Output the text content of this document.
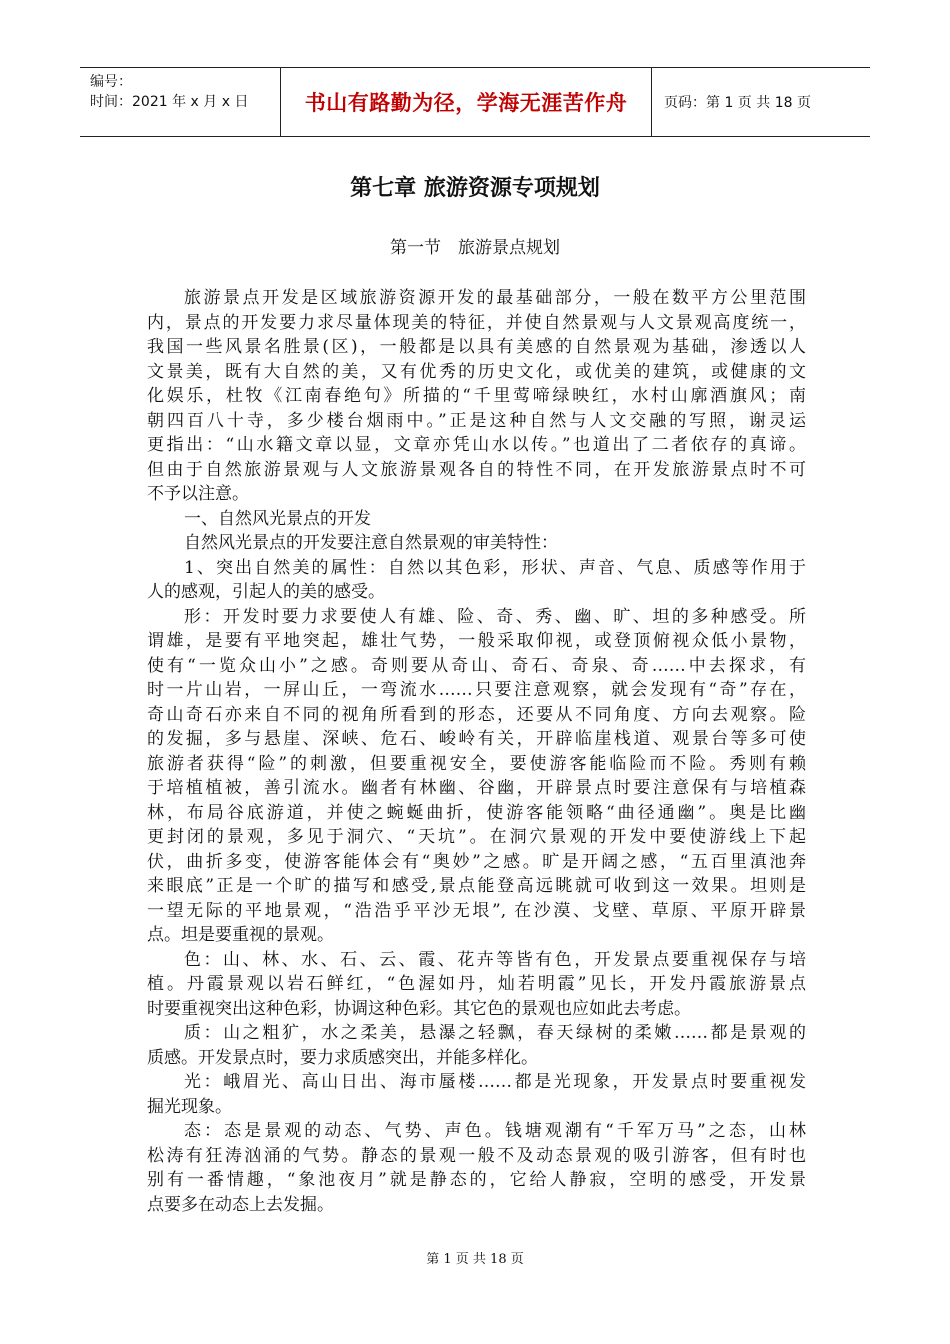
编号：
时间：2021 年 x 月 x 日	书山有路勤为径，学海无涯苦作舟	页码：第 1 页 共 18 页
第七章 旅游资源专项规划
第一节　旅游景点规划
旅游景点开发是区域旅游资源开发的最基础部分，一般在数平方公里范围
内，景点的开发要力求尽量体现美的特征，并使自然景观与人文景观高度统一，
我国一些风景名胜景(区)，一般都是以具有美感的自然景观为基础，渗透以人
文景美，既有大自然的美，又有优秀的历史文化，或优美的建筑，或健康的文
化娱乐，杜牧《江南春绝句》所描的“千里莺啼绿映红，水村山廓酒旗风；南
朝四百八十寺，多少楼台烟雨中。”正是这种自然与人文交融的写照，谢灵运
更指出：“山水籍文章以显，文章亦凭山水以传。”也道出了二者依存的真谛。
但由于自然旅游景观与人文旅游景观各自的特性不同，在开发旅游景点时不可
不予以注意。
一、自然风光景点的开发
自然风光景点的开发要注意自然景观的审美特性：
1、突出自然美的属性：自然以其色彩，形状、声音、气息、质感等作用于
人的感观，引起人的美的感受。
形：开发时要力求要使人有雄、险、奇、秀、幽、旷、坦的多种感受。所
谓雄，是要有平地突起，雄壮气势，一般采取仰视，或登顶俯视众低小景物，
使有“一览众山小”之感。奇则要从奇山、奇石、奇泉、奇……中去探求，有
时一片山岩，一屏山丘，一弯流水……只要注意观察，就会发现有“奇”存在，
奇山奇石亦来自不同的视角所看到的形态，还要从不同角度、方向去观察。险
的发掘，多与悬崖、深峡、危石、峻岭有关，开辟临崖栈道、观景台等多可使
旅游者获得“险”的刺激，但要重视安全，要使游客能临险而不险。秀则有赖
于培植植被，善引流水。幽者有林幽、谷幽，开辟景点时要注意保有与培植森
林，布局谷底游道，并使之蜿蜒曲折，使游客能领略“曲径通幽”。奥是比幽
更封闭的景观，多见于洞穴、“天坑”。在洞穴景观的开发中要使游线上下起
伏，曲折多变，使游客能体会有“奥妙”之感。旷是开阔之感，“五百里滇池奔
来眼底”正是一个旷的描写和感受,景点能登高远眺就可收到这一效果。坦则是
一望无际的平地景观，“浩浩乎平沙无垠”, 在沙漠、戈壁、草原、平原开辟景
点。坦是要重视的景观。
色：山、林、水、石、云、霞、花卉等皆有色，开发景点要重视保存与培
植。丹霞景观以岩石鲜红，“色渥如丹，灿若明霞”见长，开发丹霞旅游景点
时要重视突出这种色彩，协调这种色彩。其它色的景观也应如此去考虑。
质：山之粗犷，水之柔美，悬瀑之轻飘，春天绿树的柔嫩……都是景观的
质感。开发景点时，要力求质感突出，并能多样化。
光：峨眉光、高山日出、海市蜃楼……都是光现象，开发景点时要重视发
掘光现象。
态：态是景观的动态、气势、声色。钱塘观潮有“千军万马”之态，山林
松涛有狂涛汹涌的气势。静态的景观一般不及动态景观的吸引游客，但有时也
别有一番情趣，“象池夜月”就是静态的，它给人静寂，空明的感受，开发景
点要多在动态上去发掘。
第 1 页 共 18 页
